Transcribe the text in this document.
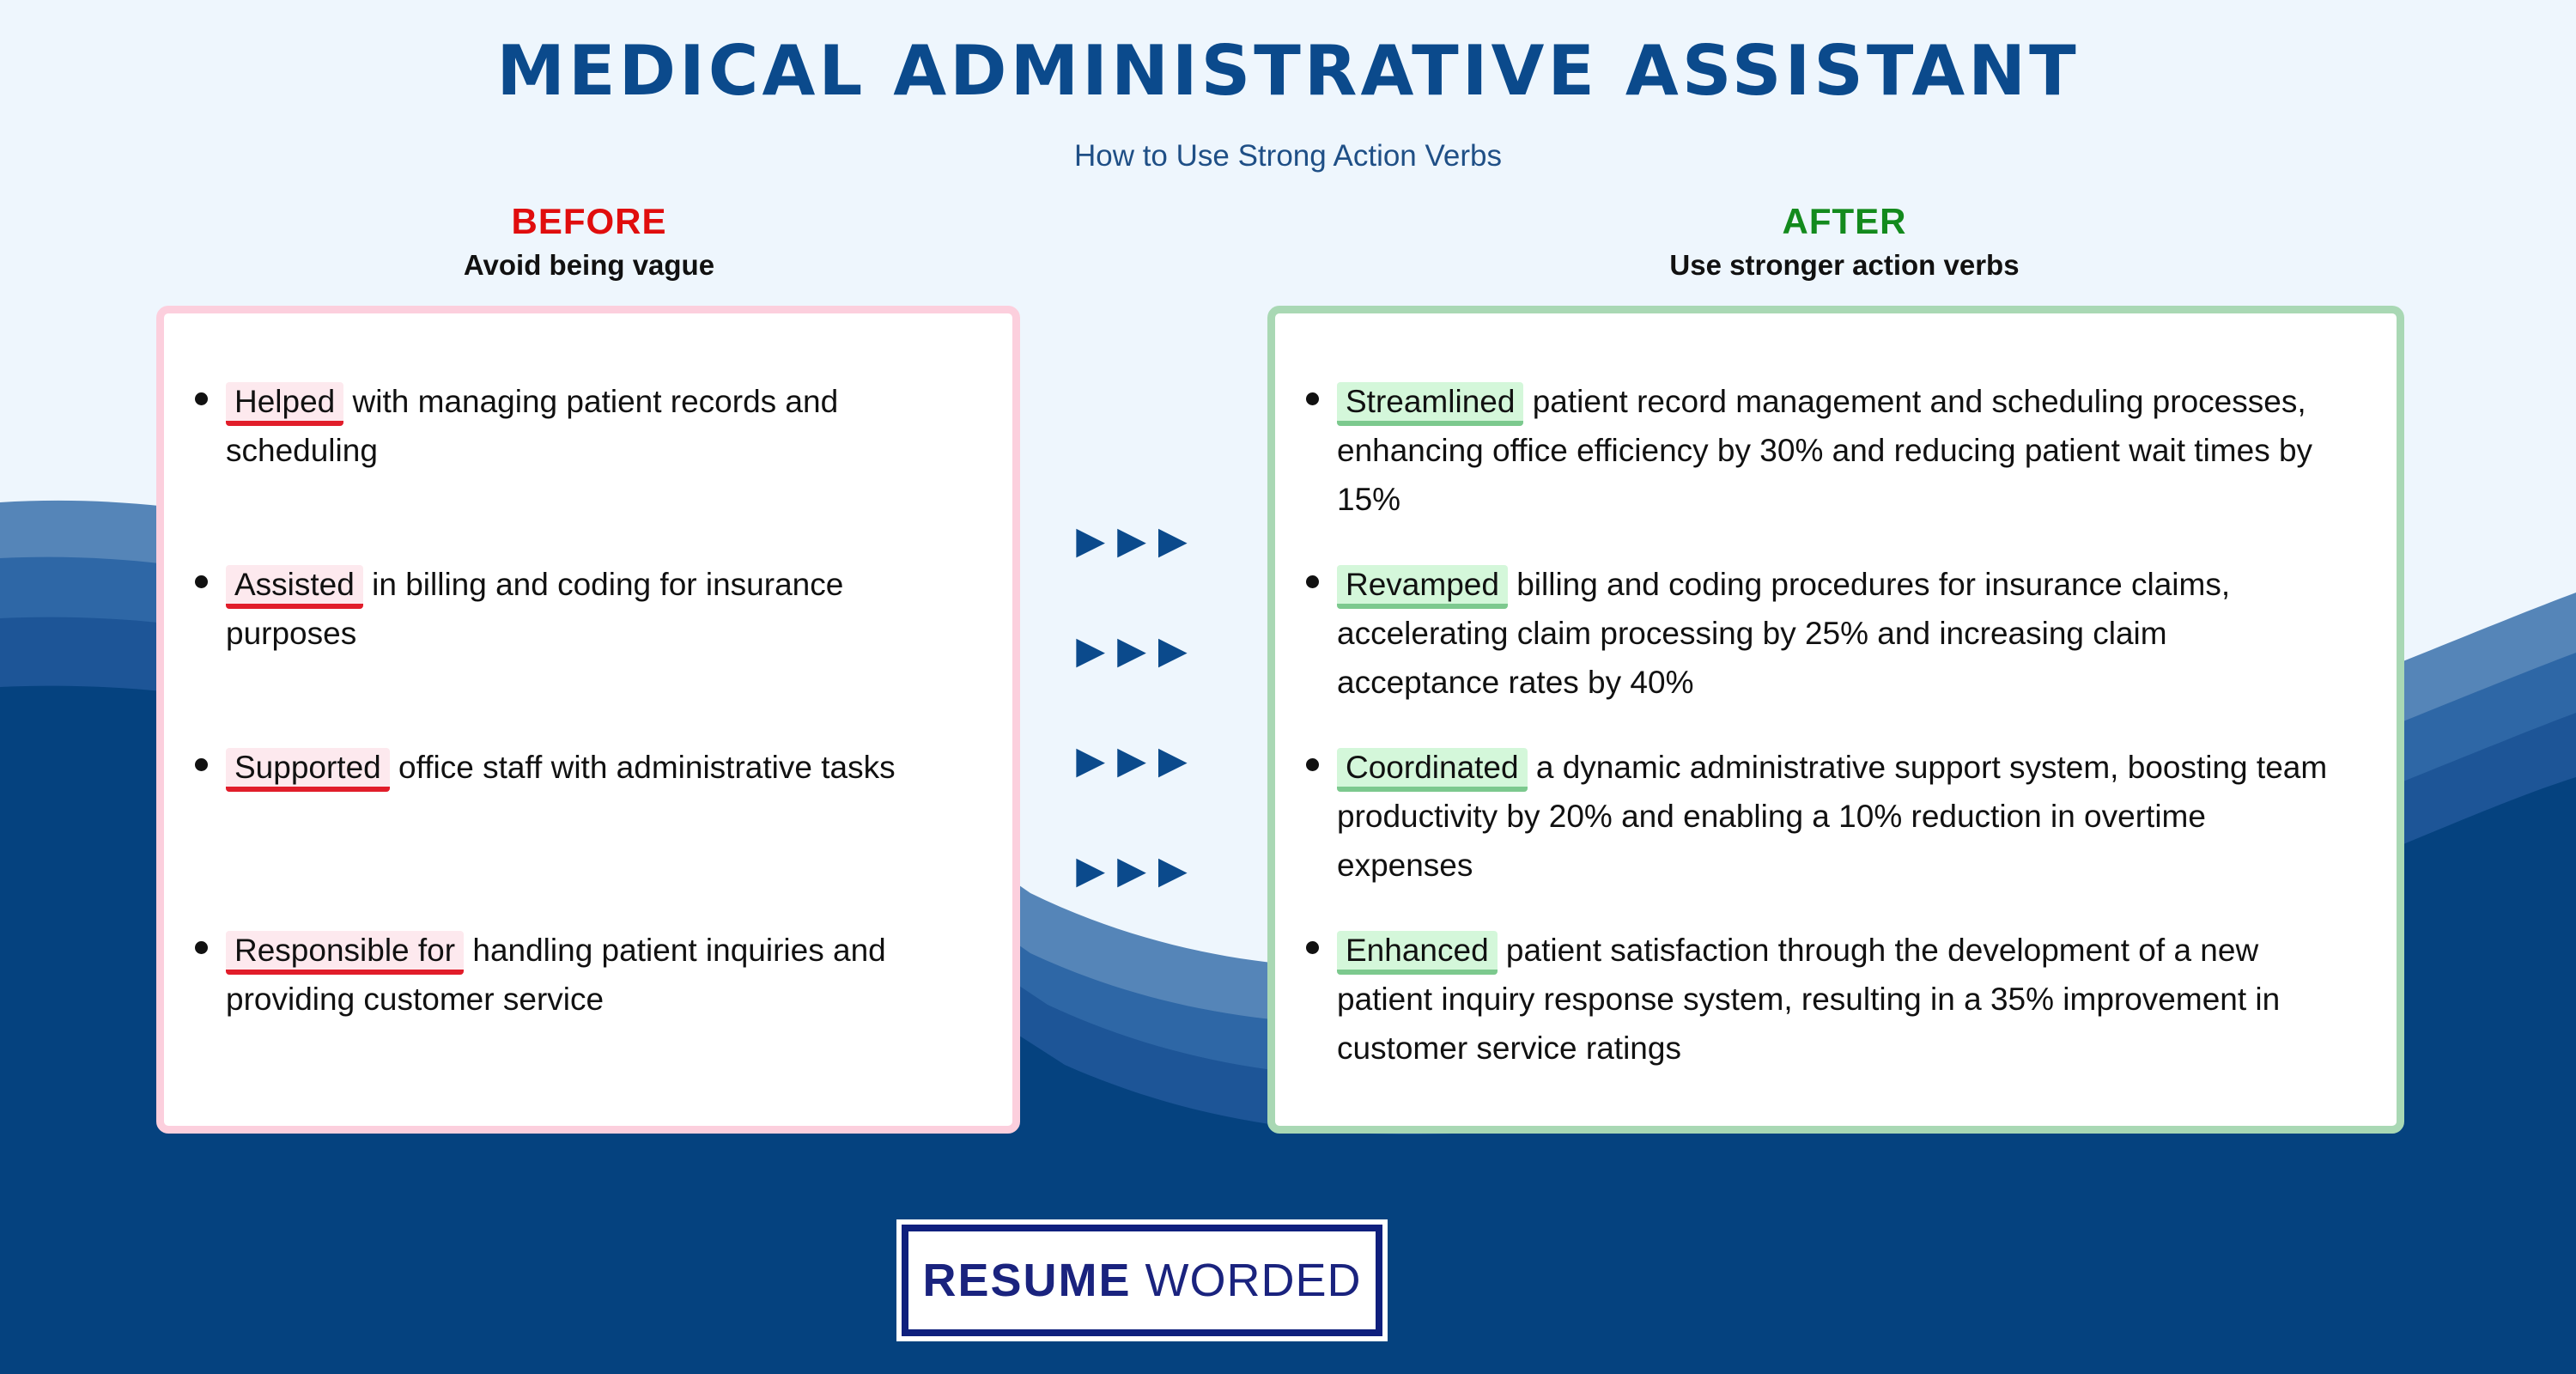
MEDICAL ADMINISTRATIVE ASSISTANT
How to Use Strong Action Verbs
BEFORE
Avoid being vague
AFTER
Use stronger action verbs
Helped with managing patient records and scheduling
Assisted in billing and coding for insurance purposes
Supported office staff with administrative tasks
Responsible for handling patient inquiries and providing customer service
▶▶▶
▶▶▶
▶▶▶
▶▶▶
Streamlined patient record management and scheduling processes, enhancing office efficiency by 30% and reducing patient wait times by 15%
Revamped billing and coding procedures for insurance claims, accelerating claim processing by 25% and increasing claim acceptance rates by 40%
Coordinated a dynamic administrative support system, boosting team productivity by 20% and enabling a 10% reduction in overtime expenses
Enhanced patient satisfaction through the development of a new patient inquiry response system, resulting in a 35% improvement in customer service ratings
RESUME WORDED
